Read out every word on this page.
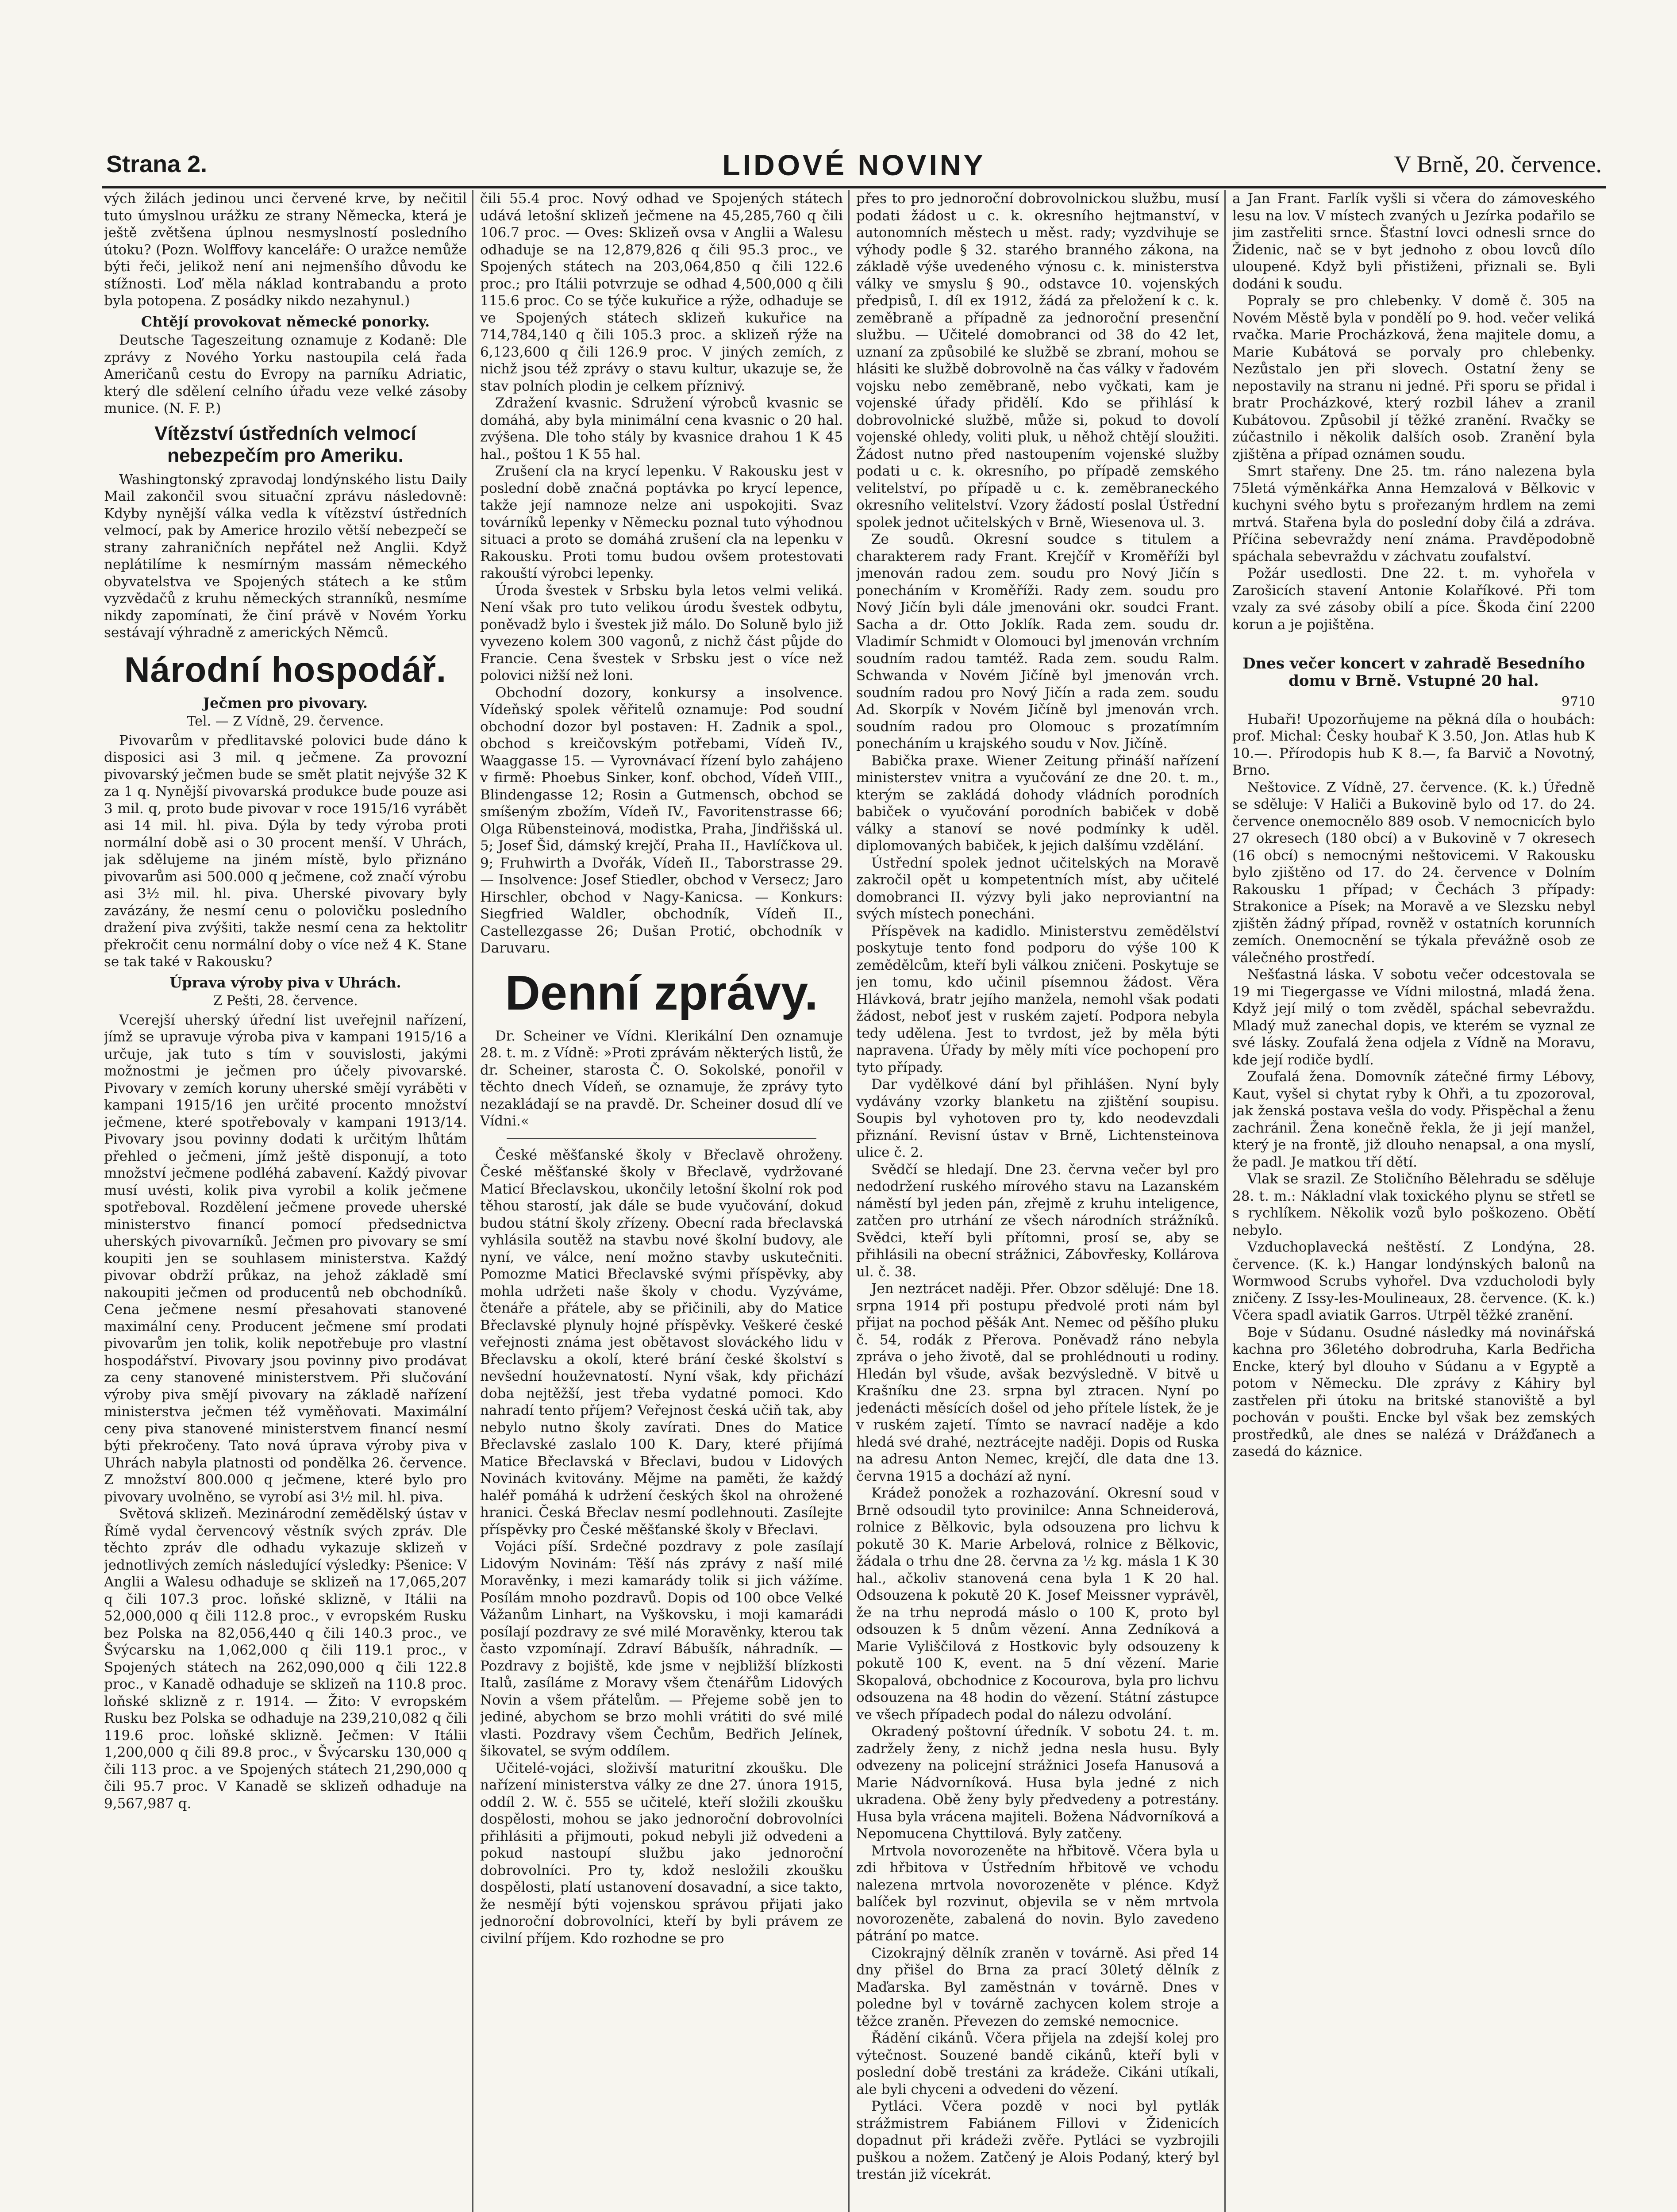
Strana 2.	LIDOVÉ NOVINY	V Brně, 20. července.

vých žilách jedinou unci červené krve, by nečitil tuto úmyslnou urážku ze strany Německa, která je ještě zvětšena úplnou nesmyslností posledního útoku? (Pozn. Wolffovy kanceláře: O uražce nemůže býti řeči, jelikož není ani nejmenšího důvodu ke stížnosti. Loď měla náklad kontrabandu a proto byla potopena. Z posádky nikdo nezahynul.)

Chtějí provokovat německé ponorky.

Deutsche Tageszeitung oznamuje z Kodaně: Dle zprávy z Nového Yorku nastoupila celá řada Američanů cestu do Evropy na parníku Adriatic, který dle sdělení celního úřadu veze velké zásoby munice. (N. F. P.)

Vítězství ústředních velmocí nebezpečím pro Ameriku.

Washingtonský zpravodaj londýnského listu Daily Mail zakončil svou situační zprávu následovně: Kdyby nynější válka vedla k vítězství ústředních velmocí, pak by Americe hrozilo větší nebezpečí se strany zahraničních nepřátel než Anglii. Když neplátilíme k nesmírným massám německého obyvatelstva ve Spojených státech a ke stům vyzvědačů z kruhu německých stranníků, nesmíme nikdy zapomínati, že činí právě v Novém Yorku sestávají výhradně z amerických Němců.

Národní hospodář.
Ječmen pro pivovary.
Tel. — Z Vídně, 29. července.

Pivovarům v předlitavské polovici bude dáno k disposici asi 3 mil. q ječmene. Za provozní pivovarský ječmen bude se smět platit nejvýše 32 K za 1 q. Nynější pivovarská produkce bude pouze asi 3 mil. q, proto bude pivovar v roce 1915/16 vyrábět asi 14 mil. hl. piva. Dýla by tedy výroba proti normální době asi o 30 procent menší. V Uhrách, jak sdělujeme na jiném místě, bylo přiznáno pivovarům asi 500.000 q ječmene, což značí výrobu asi 3½ mil. hl. piva. Uherské pivovary byly zavázány, že nesmí cenu o polovičku posledního dražení piva zvýšiti, takže nesmí cena za hektolitr překročit cenu normální doby o více než 4 K. Stane se tak také v Rakousku?

Úprava výroby piva v Uhrách.
Z Pešti, 28. července.

Vcerejší uherský úřední list uveřejnil nařízení, jímž se upravuje výroba piva v kampani 1915/16 a určuje, jak tuto s tím v souvislosti, jakými možnostmi je ječmen pro účely pivovarské. Pivovary v zemích koruny uherské smějí vyráběti v kampani 1915/16 jen určité procento množství ječmene, které spotřebovaly v kampani 1913/14. Pivovary jsou povinny dodati k určitým lhůtám přehled o ječmeni, jímž ještě disponují, a toto množství ječmene podléhá zabavení. Každý pivovar musí uvésti, kolik piva vyrobil a kolik ječmene spotřeboval. Rozdělení ječmene provede uherské ministerstvo financí pomocí předsednictva uherských pivovarníků. Ječmen pro pivovary se smí koupiti jen se souhlasem ministerstva. Každý pivovar obdrží průkaz, na jehož základě smí nakoupiti ječmen od producentů neb obchodníků. Cena ječmene nesmí přesahovati stanovené maximální ceny. Producent ječmene smí prodati pivovarům jen tolik, kolik nepotřebuje pro vlastní hospodářství. Pivovary jsou povinny pivo prodávat za ceny stanovené ministerstvem. Při slučování výroby piva smějí pivovary na základě nařízení ministerstva ječmen též vyměňovati. Maximální ceny piva stanovené ministerstvem financí nesmí býti překročeny. Tato nová úprava výroby piva v Uhrách nabyla platnosti od pondělka 26. července. Z množství 800.000 q ječmene, které bylo pro pivovary uvolněno, se vyrobí asi 3½ mil. hl. piva.

Světová sklizeň. Mezinárodní zemědělský ústav v Římě vydal červencový věstník svých zpráv. Dle těchto zpráv dle odhadu vykazuje sklizeň v jednotlivých zemích následující výsledky: Pšenice: V Anglii a Walesu odhaduje se sklizeň na 17,065,207 q čili 107.3 proc. loňské sklizně, v Itálii na 52,000,000 q čili 112.8 proc., v evropském Rusku bez Polska na 82,056,440 q čili 140.3 proc., ve Švýcarsku na 1,062,000 q čili 119.1 proc., v Spojených státech na 262,090,000 q čili 122.8 proc., v Kanadě odhaduje se sklizeň na 110.8 proc. loňské sklizně z r. 1914. — Žito: V evropském Rusku bez Polska se odhaduje na 239,210,082 q čili 119.6 proc. loňské sklizně. Ječmen: V Itálii 1,200,000 q čili 89.8 proc., v Švýcarsku 130,000 q čili 113 proc. a ve Spojených státech 21,290,000 q čili 95.7 proc. V Kanadě se sklizeň odhaduje na 9,567,987 q.

čili 55.4 proc. Nový odhad ve Spojených státech udává letošní sklizeň ječmene na 45,285,760 q čili 106.7 proc. — Oves: Sklizeň ovsa v Anglii a Walesu odhaduje se na 12,879,826 q čili 95.3 proc., ve Spojených státech na 203,064,850 q čili 122.6 proc.; pro Itálii potvrzuje se odhad 4,500,000 q čili 115.6 proc. Co se týče kukuřice a rýže, odhaduje se ve Spojených státech sklizeň kukuřice na 714,784,140 q čili 105.3 proc. a sklizeň rýže na 6,123,600 q čili 126.9 proc. V jiných zemích, z nichž jsou též zprávy o stavu kultur, ukazuje se, že stav polních plodin je celkem příznivý.

Zdražení kvasnic. Sdružení výrobců kvasnic se domáhá, aby byla minimální cena kvasnic o 20 hal. zvýšena. Dle toho stály by kvasnice drahou 1 K 45 hal., poštou 1 K 55 hal.

Zrušení cla na krycí lepenku. V Rakousku jest v poslední době značná poptávka po krycí lepence, takže její namnoze nelze ani uspokojiti. Svaz továrníků lepenky v Německu poznal tuto výhodnou situaci a proto se domáhá zrušení cla na lepenku v Rakousku. Proti tomu budou ovšem protestovati rakouští výrobci lepenky.

Úroda švestek v Srbsku byla letos velmi veliká. Není však pro tuto velikou úrodu švestek odbytu, poněvadž bylo i švestek již málo. Do Soluně bylo již vyvezeno kolem 300 vagonů, z nichž část půjde do Francie. Cena švestek v Srbsku jest o více než polovici nižší než loni.

Obchodní dozory, konkursy a insolvence. Vídeňský spolek věřitelů oznamuje: Pod soudní obchodní dozor byl postaven: H. Zadnik a spol., obchod s kreičovským potřebami, Vídeň IV., Waaggasse 15. — Vyrovnávací řízení bylo zahájeno v firmě: Phoebus Sinker, konf. obchod, Vídeň VIII., Blindengasse 12; Rosin a Gutmensch, obchod se smíšeným zbožím, Vídeň IV., Favoritenstrasse 66; Olga Rübensteinová, modistka, Praha, Jindřišská ul. 5; Josef Šid, dámský krejčí, Praha II., Havlíčkova ul. 9; Fruhwirth a Dvořák, Vídeň II., Taborstrasse 29. — Insolvence: Josef Stiedler, obchod v Versecz; Jaro Hirschler, obchod v Nagy-Kanicsa. — Konkurs: Siegfried Waldler, obchodník, Vídeň II., Castellezgasse 26; Dušan Protić, obchodník v Daruvaru.

Denní zprávy.

Dr. Scheiner ve Vídni. Klerikální Den oznamuje 28. t. m. z Vídně: »Proti zprávám některých listů, že dr. Scheiner, starosta Č. O. Sokolské, ponořil v těchto dnech Vídeň, se oznamuje, že zprávy tyto nezakládají se na pravdě. Dr. Scheiner dosud dlí ve Vídni.«

České měšťanské školy v Břeclavě ohroženy. České měšťanské školy v Břeclavě, vydržované Maticí Břeclavskou, ukončily letošní školní rok pod těhou starostí, jak dále se bude vyučování, dokud budou státní školy zřízeny. Obecní rada břeclavská vyhlásila soutěž na stavbu nové školní budovy, ale nyní, ve válce, není možno stavby uskutečniti. Pomozme Matici Břeclavské svými příspěvky, aby mohla udržeti naše školy v chodu. Vyzýváme, čtenáře a přátele, aby se přičinili, aby do Matice Břeclavské plynuly hojné příspěvky. Veškeré české veřejnosti známa jest obětavost slováckého lidu v Břeclavsku a okolí, které brání české školství s nevšední houževnatostí. Nyní však, kdy přichází doba nejtěžší, jest třeba vydatné pomoci. Kdo nahradí tento příjem? Veřejnost česká učiň tak, aby nebylo nutno školy zavírati. Dnes do Matice Břeclavské zaslalo 100 K. Dary, které přijímá Matice Břeclavská v Břeclavi, budou v Lidových Novinách kvitovány. Mějme na paměti, že každý haléř pomáhá k udržení českých škol na ohrožené hranici. Česká Břeclav nesmí podlehnouti. Zasílejte příspěvky pro České měšťanské školy v Břeclavi.

Vojáci píší. Srdečné pozdravy z pole zasílají Lidovým Novinám: Těší nás zprávy z naší milé Moravěnky, i mezi kamarády tolik si jich vážíme. Posílám mnoho pozdravů. Dopis od 100 obce Velké Vážanům Linhart, na Vyškovsku, i moji kamarádi posílají pozdravy ze své milé Moravěnky, kterou tak často vzpomínají. Zdraví Bábušík, náhradník. — Pozdravy z bojiště, kde jsme v nejbližší blízkosti Italů, zasíláme z Moravy všem čtenářům Lidových Novin a všem přátelům. — Přejeme sobě jen to jediné, abychom se brzo mohli vrátiti do své milé vlasti. Pozdravy všem Čechům, Bedřich Jelínek, šikovatel, se svým oddílem.

Učitelé-vojáci, složivší maturitní zkoušku. Dle nařízení ministerstva války ze dne 27. února 1915, oddíl 2. W. č. 555 se učitelé, kteří složili zkoušku dospělosti, mohou se jako jednoroční dobrovolníci přihlásiti a přijmouti, pokud nebyli již odvedeni a pokud nastoupí službu jako jednoroční dobrovolníci. Pro ty, kdož nesložili zkoušku dospělosti, platí ustanovení dosavadní, a sice takto, že nesmějí býti vojenskou správou přijati jako jednoroční dobrovolníci, kteří by byli právem ze civilní příjem. Kdo rozhodne se pro

přes to pro jednoroční dobrovolnickou službu, musí podati žádost u c. k. okresního hejtmanství, v autonomních městech u měst. rady; vyzdvihuje se výhody podle § 32. starého branného zákona, na základě výše uvedeného výnosu c. k. ministerstva války ve smyslu § 90., odstavce 10. vojenských předpisů, I. díl ex 1912, žádá za přeložení k c. k. zeměbraně a případně za jednoroční presenční službu. — Učitelé domobranci od 38 do 42 let, uznaní za způsobilé ke službě se zbraní, mohou se hlásiti ke službě dobrovolně na čas války v řadovém vojsku nebo zeměbraně, nebo vyčkati, kam je vojenské úřady přidělí. Kdo se přihlásí k dobrovolnické službě, může si, pokud to dovolí vojenské ohledy, voliti pluk, u něhož chtějí sloužiti. Žádost nutno před nastoupením vojenské služby podati u c. k. okresního, po případě zemského velitelství, po případě u c. k. zeměbraneckého okresního velitelství. Vzory žádostí poslal Ústřední spolek jednot učitelských v Brně, Wiesenova ul. 3.

Ze soudů. Okresní soudce s titulem a charakterem rady Frant. Krejčíř v Kroměříži byl jmenován radou zem. soudu pro Nový Jičín s ponecháním v Kroměříži. Rady zem. soudu pro Nový Jičín byli dále jmenováni okr. soudci Frant. Sacha a dr. Otto Joklík. Rada zem. soudu dr. Vladimír Schmidt v Olomouci byl jmenován vrchním soudním radou tamtéž. Rada zem. soudu Ralm. Schwanda v Novém Jičíně byl jmenován vrch. soudním radou pro Nový Jičín a rada zem. soudu Ad. Skorpík v Novém Jičíně byl jmenován vrch. soudním radou pro Olomouc s prozatímním ponecháním u krajského soudu v Nov. Jičíně.

Babička praxe. Wiener Zeitung přináší nařízení ministerstev vnitra a vyučování ze dne 20. t. m., kterým se zakládá dohody vládních porodních babiček o vyučování porodních babiček v době války a stanoví se nové podmínky k uděl. diplomovaných babiček, k jejich dalšímu vzdělání.

Ústřední spolek jednot učitelských na Moravě zakročil opět u kompetentních míst, aby učitelé domobranci II. výzvy byli jako neproviantní na svých místech ponecháni.

Příspěvek na kadidlo. Ministerstvu zemědělství poskytuje tento fond podporu do výše 100 K zemědělcům, kteří byli válkou zničeni. Poskytuje se jen tomu, kdo učinil písemnou žádost. Věra Hlávková, bratr jejího manžela, nemohl však podati žádost, neboť jest v ruském zajetí. Podpora nebyla tedy udělena. Jest to tvrdost, jež by měla býti napravena. Úřady by měly míti více pochopení pro tyto případy.

Dar vydělkové dání byl přihlášen. Nyní byly vydávány vzorky blanketu na zjištění soupisu. Soupis byl vyhotoven pro ty, kdo neodevzdali přiznání. Revisní ústav v Brně, Lichtensteinova ulice č. 2.

Svědčí se hledají. Dne 23. června večer byl pro nedodržení ruského mírového stavu na Lazanském náměstí byl jeden pán, zřejmě z kruhu inteligence, zatčen pro utrhání ze všech národních strážníků. Svědci, kteří byli přítomni, prosí se, aby se přihlásili na obecní strážnici, Zábovřesky, Kollárova ul. č. 38.

Jen neztrácet naději. Přer. Obzor sdělujé: Dne 18. srpna 1914 při postupu předvolé proti nám byl přijat na pochod pěšák Ant. Nemec od pěšího pluku č. 54, rodák z Přerova. Poněvadž ráno nebyla zpráva o jeho životě, dal se prohlédnouti u rodiny. Hledán byl všude, avšak bezvýsledně. V bitvě u Krašníku dne 23. srpna byl ztracen. Nyní po jedenácti měsících došel od jeho přítele lístek, že je v ruském zajetí. Tímto se navrací naděje a kdo hledá své drahé, neztrácejte naději. Dopis od Ruska na adresu Anton Nemec, krejčí, dle data dne 13. června 1915 a dochází až nyní.

Krádež ponožek a rozhazování. Okresní soud v Brně odsoudil tyto provinilce: Anna Schneiderová, rolnice z Bělkovic, byla odsouzena pro lichvu k pokutě 30 K. Marie Arbelová, rolnice z Bělkovic, žádala o trhu dne 28. června za ½ kg. másla 1 K 30 hal., ačkoliv stanovená cena byla 1 K 20 hal. Odsouzena k pokutě 20 K. Josef Meissner vyprávěl, že na trhu neprodá máslo o 100 K, proto byl odsouzen k 5 dnům vězení. Anna Zedníková a Marie Vyliščilová z Hostkovic byly odsouzeny k pokutě 100 K, event. na 5 dní vězení. Marie Skopalová, obchodnice z Kocourova, byla pro lichvu odsouzena na 48 hodin do vězení. Státní zástupce ve všech případech podal do nálezu odvolání.

Okradený poštovní úředník. V sobotu 24. t. m. zadržely ženy, z nichž jedna nesla husu. Byly odvezeny na policejní strážnici Josefa Hanusová a Marie Nádvorníková. Husa byla jedné z nich ukradena. Obě ženy byly předvedeny a potrestány. Husa byla vrácena majiteli. Božena Nádvorníková a Nepomucena Chyttilová. Byly zatčeny.

Mrtvola novorozeněte na hřbitově. Včera byla u zdi hřbitova v Ústředním hřbitově ve vchodu nalezena mrtvola novorozeněte v plénce. Když balíček byl rozvinut, objevila se v něm mrtvola novorozeněte, zabalená do novin. Bylo zavedeno pátrání po matce.

Cizokrajný dělník zraněn v továrně. Asi před 14 dny přišel do Brna za prací 30letý dělník z Maďarska. Byl zaměstnán v továrně. Dnes v poledne byl v továrně zachycen kolem stroje a těžce zraněn. Převezen do zemské nemocnice.

Řádění cikánů. Včera přijela na zdejší kolej pro výtečnost. Souzené bandě cikánů, kteří byli v poslední době trestáni za krádeže. Cikáni utíkali, ale byli chyceni a odvedeni do vězení.

Pytláci. Včera pozdě v noci byl pytlák strážmistrem Fabiánem Fillovi v Židenicích dopadnut při krádeži zvěře. Pytláci se vyzbrojili puškou a nožem. Zatčený je Alois Podaný, který byl trestán již vícekrát.

a Jan Frant. Farlík vyšli si včera do zámoveského lesu na lov. V místech zvaných u Jezírka podařilo se jim zastřeliti srnce. Šťastní lovci odnesli srnce do Židenic, nač se v byt jednoho z obou lovců dílo uloupené. Když byli přistiženi, přiznali se. Byli dodáni k soudu.

Popraly se pro chlebenky. V domě č. 305 na Novém Městě byla v pondělí po 9. hod. večer veliká rvačka. Marie Procházková, žena majitele domu, a Marie Kubátová se porvaly pro chlebenky. Nezůstalo jen při slovech. Ostatní ženy se nepostavily na stranu ni jedné. Při sporu se přidal i bratr Procházkové, který rozbil láhev a zranil Kubátovou. Způsobil jí těžké zranění. Rvačky se zúčastnilo i několik dalších osob. Zranění byla zjištěna a případ oznámen soudu.

Smrt stařeny. Dne 25. tm. ráno nalezena byla 75letá výměnkářka Anna Hemzalová v Bělkovic v kuchyni svého bytu s prořezaným hrdlem na zemi mrtvá. Stařena byla do poslední doby čilá a zdráva. Příčina sebevraždy není známa. Pravděpodobně spáchala sebevraždu v záchvatu zoufalství.

Požár usedlosti. Dne 22. t. m. vyhořela v Zarošicích stavení Antonie Kolaříkové. Při tom vzaly za své zásoby obilí a píce. Škoda činí 2200 korun a je pojištěna.

Dnes večer koncert v zahradě Besedního domu v Brně. Vstupné 20 hal.
9710

Hubaři! Upozorňujeme na pěkná díla o houbách: prof. Michal: Česky houbař K 3.50, Jon. Atlas hub K 10.—. Přírodopis hub K 8.—, fa Barvič a Novotný, Brno.

Neštovice. Z Vídně, 27. července. (K. k.) Úředně se sděluje: V Haliči a Bukovině bylo od 17. do 24. července onemocnělo 889 osob. V nemocnicích bylo 27 okresech (180 obcí) a v Bukovině v 7 okresech (16 obcí) s nemocnými neštovicemi. V Rakousku bylo zjištěno od 17. do 24. července v Dolním Rakousku 1 případ; v Čechách 3 případy: Strakonice a Písek; na Moravě a ve Slezsku nebyl zjištěn žádný případ, rovněž v ostatních korunních zemích. Onemocnění se týkala převážně osob ze válečného prostředí.

Nešťastná láska. V sobotu večer odcestovala se 19 mi Tiegergasse ve Vídni milostná, mladá žena. Když její milý o tom zvěděl, spáchal sebevraždu. Mladý muž zanechal dopis, ve kterém se vyznal ze své lásky. Zoufalá žena odjela z Vídně na Moravu, kde její rodiče bydlí.

Zoufalá žena. Domovník zátečné firmy Lébovy, Kaut, vyšel si chytat ryby k Ohři, a tu zpozoroval, jak ženská postava vešla do vody. Přispěchal a ženu zachránil. Žena konečně řekla, že ji její manžel, který je na frontě, již dlouho nenapsal, a ona myslí, že padl. Je matkou tří dětí.

Vlak se srazil. Ze Stoličního Bělehradu se sděluje 28. t. m.: Nákladní vlak toxického plynu se střetl se s rychlíkem. Několik vozů bylo poškozeno. Obětí nebylo.

Vzduchoplavecká neštěstí. Z Londýna, 28. července. (K. k.) Hangar londýnských balonů na Wormwood Scrubs vyhořel. Dva vzducholodi byly zničeny. Z Issy-les-Moulineaux, 28. července. (K. k.) Včera spadl aviatik Garros. Utrpěl těžké zranění.

Boje v Súdanu. Osudné následky má novinářská kachna pro 36letého dobrodruha, Karla Bedřicha Encke, který byl dlouho v Súdanu a v Egyptě a potom v Německu. Dle zprávy z Káhiry byl zastřelen při útoku na britské stanoviště a byl pochován v poušti. Encke byl však bez zemských prostředků, ale dnes se nalézá v Drážďanech a zasedá do káznice.
